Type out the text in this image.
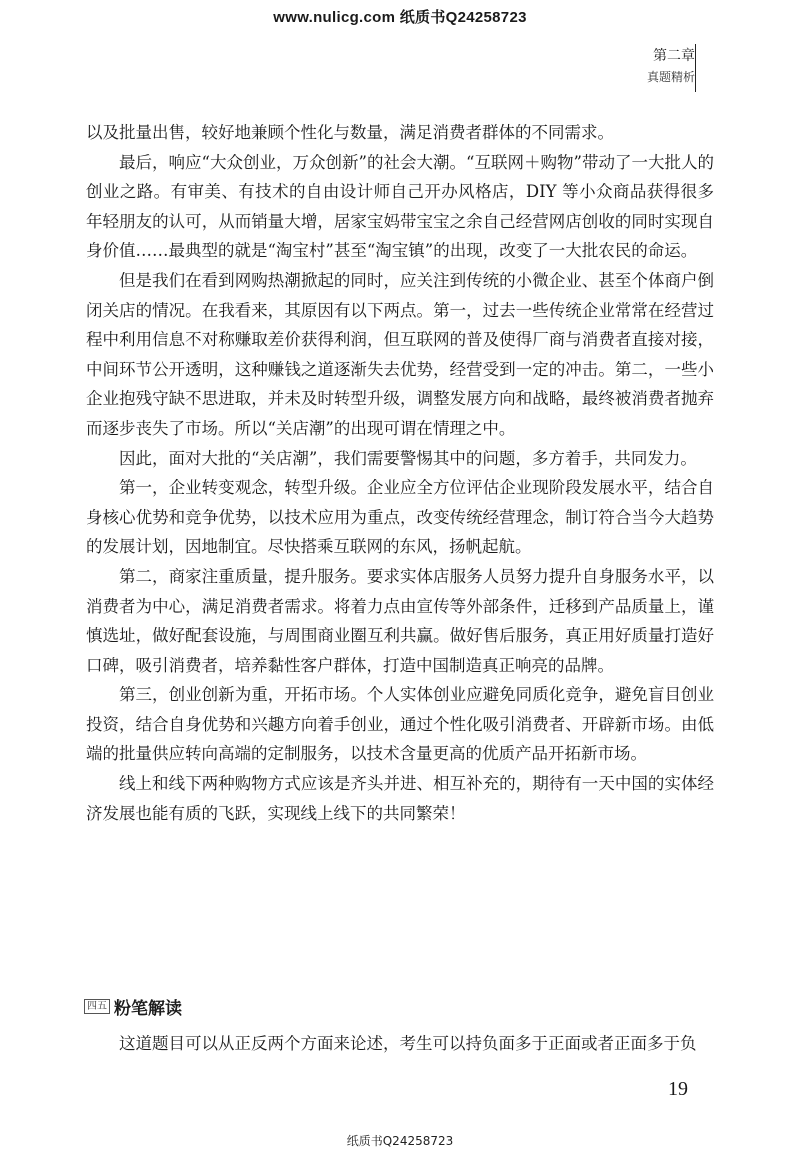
www.nulicg.com 纸质书Q24258723
第二章
真题精析

以及批量出售，较好地兼顾个性化与数量，满足消费者群体的不同需求。

最后，响应“大众创业，万众创新”的社会大潮。“互联网＋购物”带动了一大批人的创业之路。有审美、有技术的自由设计师自己开办风格店，DIY 等小众商品获得很多年轻朋友的认可，从而销量大增，居家宝妈带宝宝之余自己经营网店创收的同时实现自身价值……最典型的就是“淘宝村”甚至“淘宝镇”的出现，改变了一大批农民的命运。

但是我们在看到网购热潮掀起的同时，应关注到传统的小微企业、甚至个体商户倒闭关店的情况。在我看来，其原因有以下两点。第一，过去一些传统企业常常在经营过程中利用信息不对称赚取差价获得利润，但互联网的普及使得厂商与消费者直接对接，中间环节公开透明，这种赚钱之道逐渐失去优势，经营受到一定的冲击。第二，一些小企业抱残守缺不思进取，并未及时转型升级，调整发展方向和战略，最终被消费者抛弃而逐步丧失了市场。所以“关店潮”的出现可谓在情理之中。

因此，面对大批的“关店潮”，我们需要警惕其中的问题，多方着手，共同发力。

第一，企业转变观念，转型升级。企业应全方位评估企业现阶段发展水平，结合自身核心优势和竞争优势，以技术应用为重点，改变传统经营理念，制订符合当今大趋势的发展计划，因地制宜。尽快搭乘互联网的东风，扬帆起航。

第二，商家注重质量，提升服务。要求实体店服务人员努力提升自身服务水平，以消费者为中心，满足消费者需求。将着力点由宣传等外部条件，迁移到产品质量上，谨慎选址，做好配套设施，与周围商业圈互利共赢。做好售后服务，真正用好质量打造好口碑，吸引消费者，培养黏性客户群体，打造中国制造真正响亮的品牌。

第三，创业创新为重，开拓市场。个人实体创业应避免同质化竞争，避免盲目创业投资，结合自身优势和兴趣方向着手创业，通过个性化吸引消费者、开辟新市场。由低端的批量供应转向高端的定制服务，以技术含量更高的优质产品开拓新市场。

线上和线下两种购物方式应该是齐头并进、相互补充的，期待有一天中国的实体经济发展也能有质的飞跃，实现线上线下的共同繁荣！

四五 粉笔解读
这道题目可以从正反两个方面来论述，考生可以持负面多于正面或者正面多于负
19
纸质书Q24258723
